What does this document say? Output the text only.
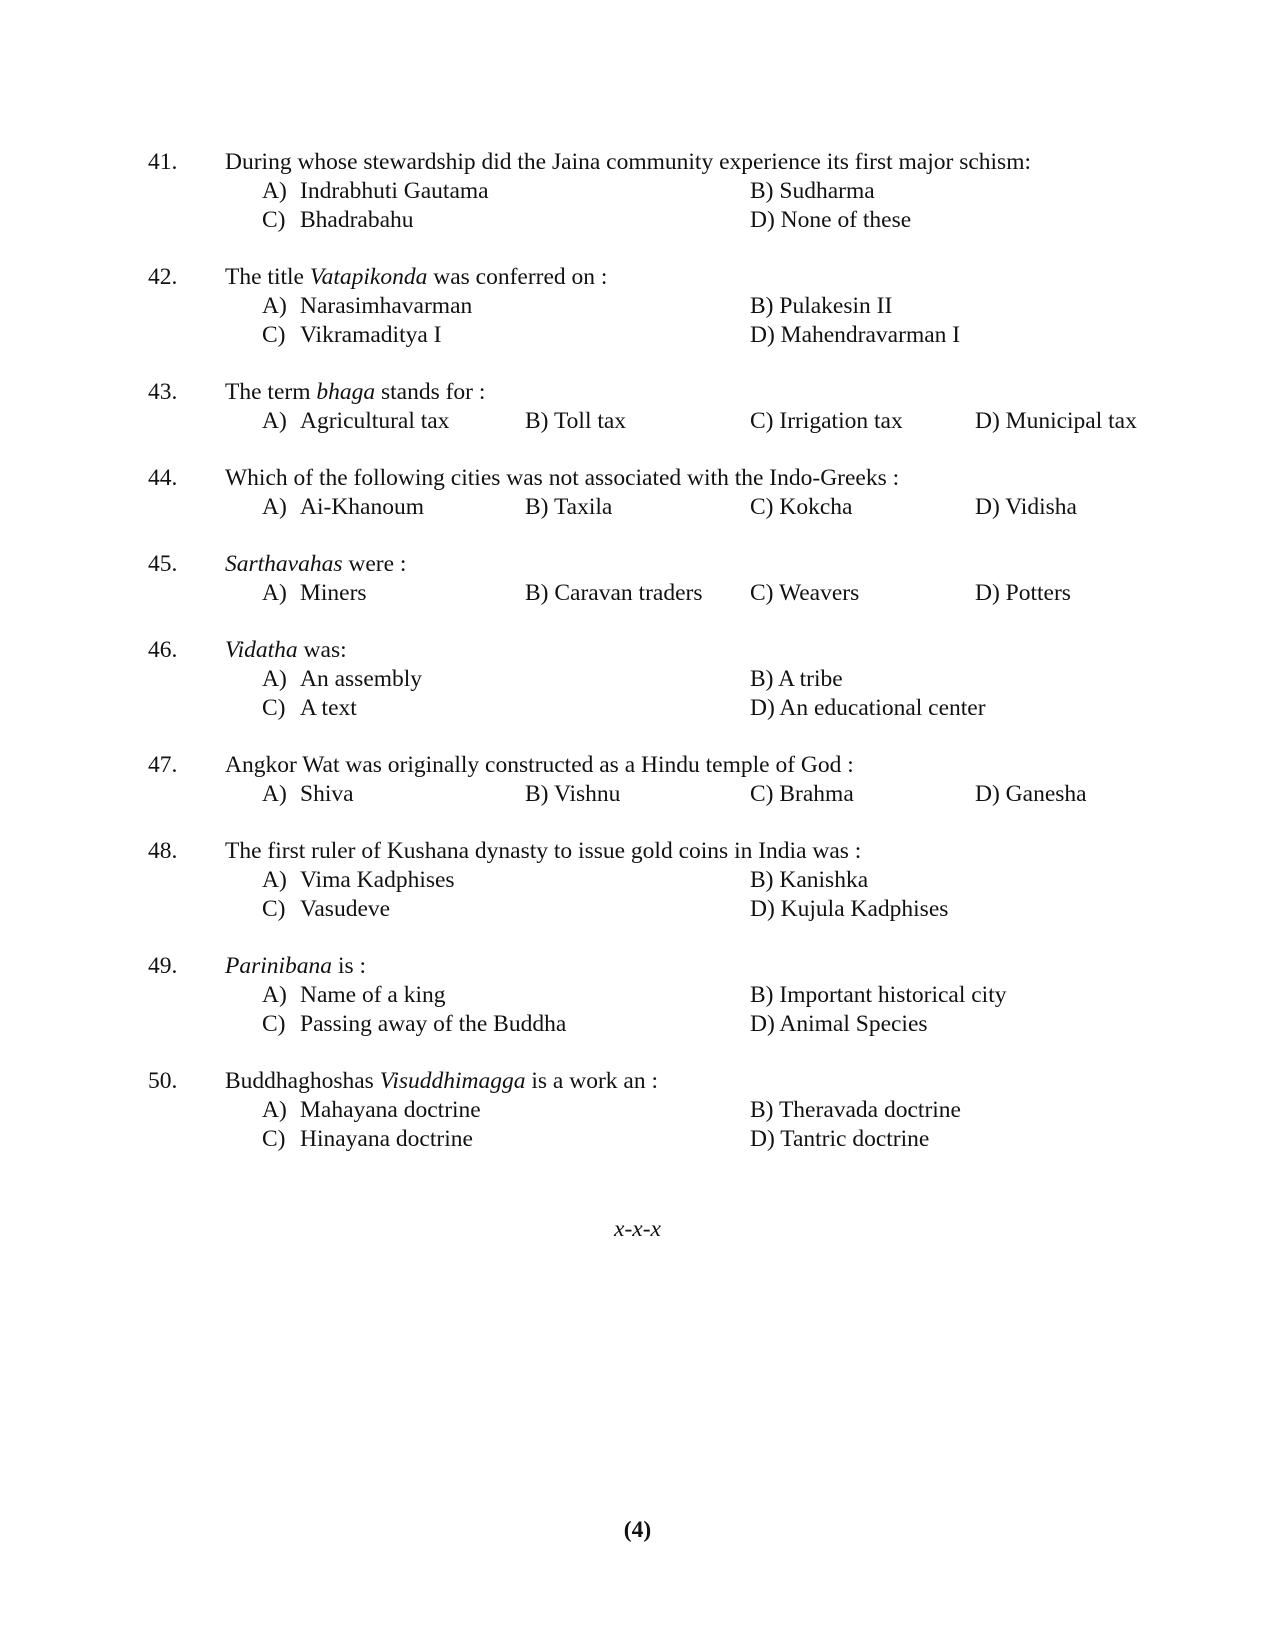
41. During whose stewardship did the Jaina community experience its first major schism:
A) Indrabhuti Gautama	B) Sudharma
C) Bhadrabahu	D) None of these
42. The title Vatapikonda was conferred on :
A) Narasimhavarman	B) Pulakesin II
C) Vikramaditya I	D) Mahendravarman I
43. The term bhaga stands for :
A) Agricultural tax	B) Toll tax	C) Irrigation tax	D) Municipal tax
44. Which of the following cities was not associated with the Indo-Greeks :
A) Ai-Khanoum	B) Taxila	C) Kokcha	D) Vidisha
45. Sarthavahas were :
A) Miners	B) Caravan traders C) Weavers	D) Potters
46. Vidatha was:
A) An assembly	B) A tribe
C) A text	D) An educational center
47. Angkor Wat was originally constructed as a Hindu temple of God :
A) Shiva	B) Vishnu	C) Brahma	D) Ganesha
48. The first ruler of Kushana dynasty to issue gold coins in India was :
A) Vima Kadphises	B) Kanishka
C) Vasudeve	D) Kujula Kadphises
49. Parinibana is :
A) Name of a king	B) Important historical city
C) Passing away of the Buddha	D) Animal Species
50. Buddhaghoshas Visuddhimagga is a work an :
A) Mahayana doctrine	B) Theravada doctrine
C) Hinayana doctrine	D) Tantric doctrine
x-x-x
(4)
